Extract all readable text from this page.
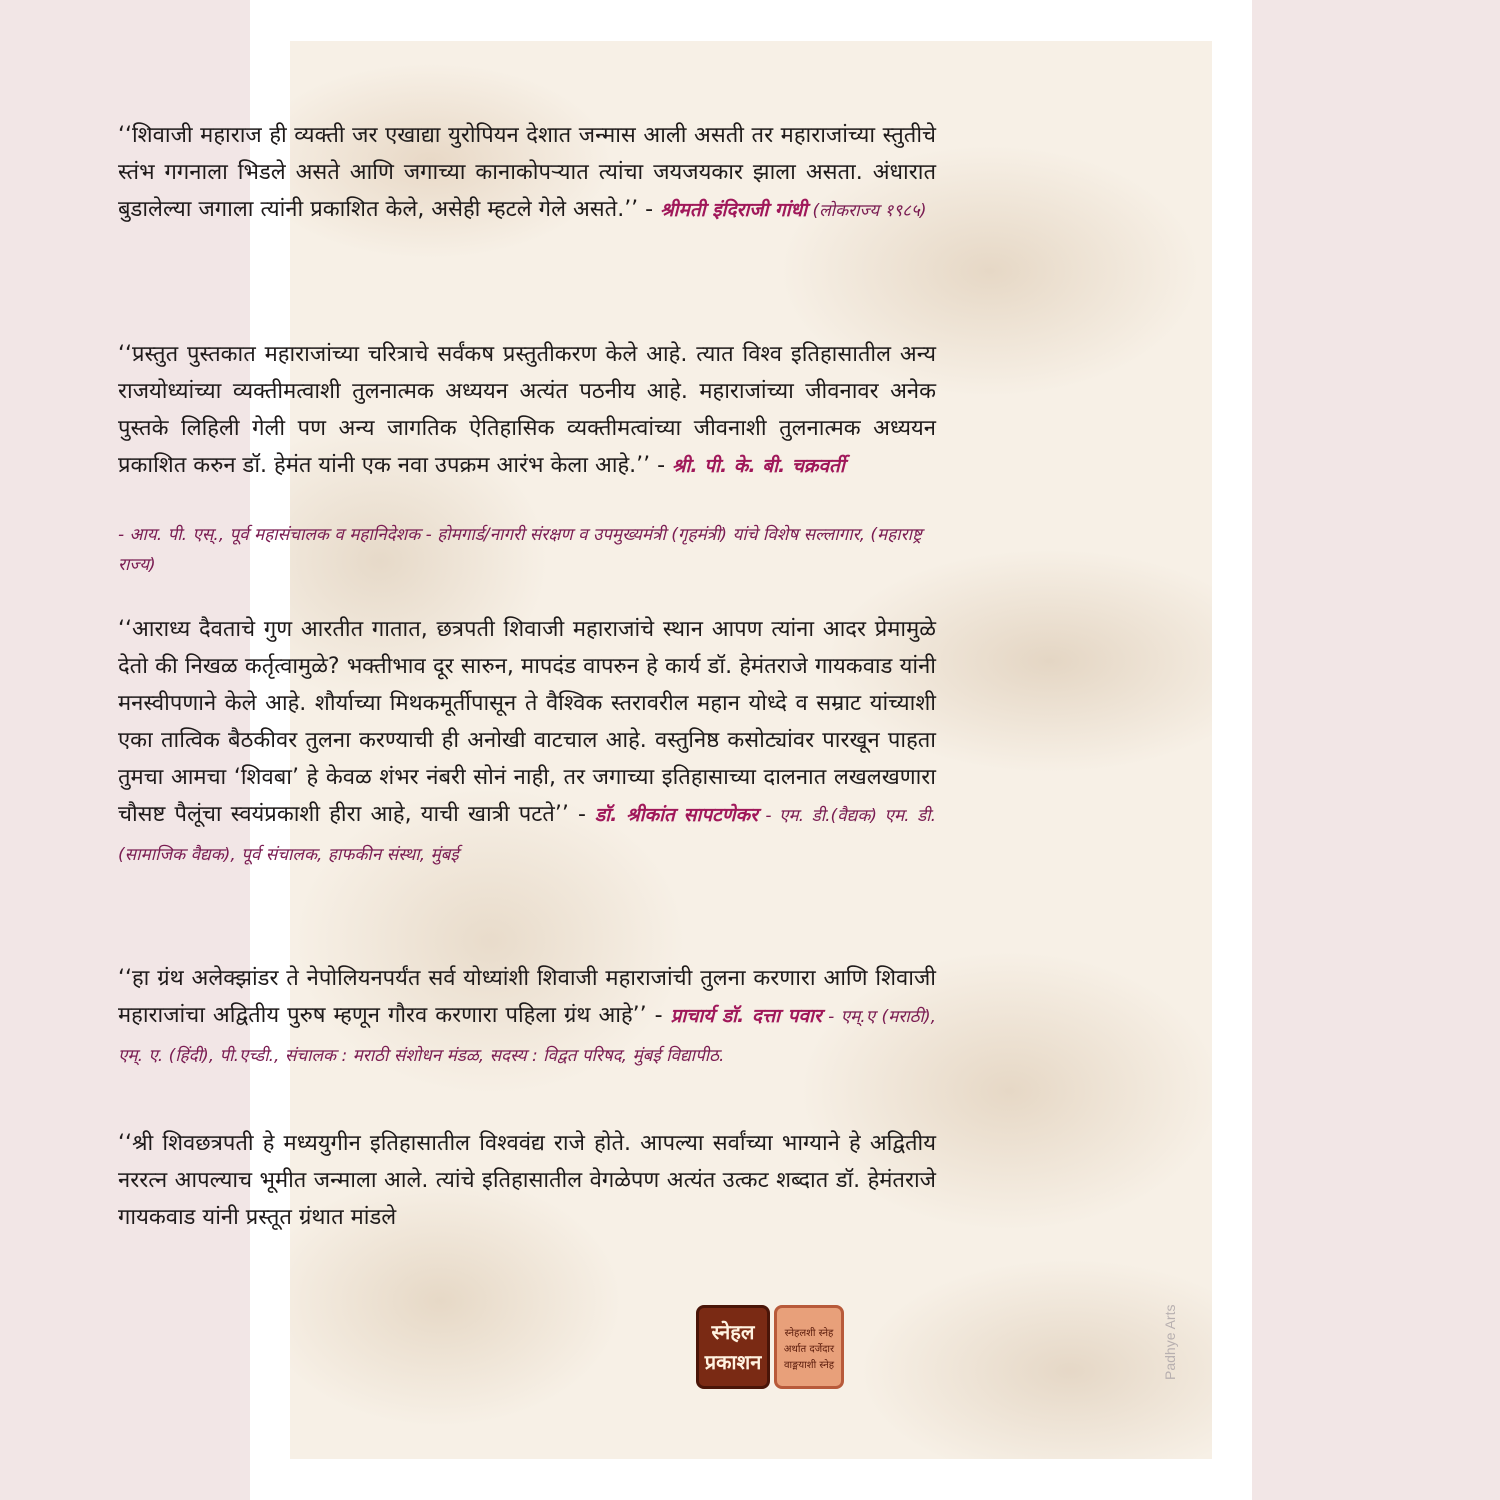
‘‘शिवाजी महाराज ही व्यक्ती जर एखाद्या युरोपियन देशात जन्मास आली असती तर महाराजांच्या स्तुतीचे स्तंभ गगनाला भिडले असते आणि जगाच्या कानाकोपऱ्यात त्यांचा जयजयकार झाला असता. अंधारात बुडालेल्या जगाला त्यांनी प्रकाशित केले, असेही म्हटले गेले असते.’’ - श्रीमती इंदिराजी गांधी (लोकराज्य १९८५)
‘‘प्रस्तुत पुस्तकात महाराजांच्या चरित्राचे सर्वंकष प्रस्तुतीकरण केले आहे. त्यात विश्व इतिहासातील अन्य राजयोध्यांच्या व्यक्तीमत्वाशी तुलनात्मक अध्ययन अत्यंत पठनीय आहे. महाराजांच्या जीवनावर अनेक पुस्तके लिहिली गेली पण अन्य जागतिक ऐतिहासिक व्यक्तीमत्वांच्या जीवनाशी तुलनात्मक अध्ययन प्रकाशित करुन डॉ. हेमंत यांनी एक नवा उपक्रम आरंभ केला आहे.’’ - श्री. पी. के. बी. चक्रवर्ती
- आय. पी. एस्., पूर्व महासंचालक व महानिदेशक - होमगार्ड/नागरी संरक्षण व उपमुख्यमंत्री (गृहमंत्री) यांचे विशेष सल्लागार, (महाराष्ट्र राज्य)
‘‘आराध्य दैवताचे गुण आरतीत गातात, छत्रपती शिवाजी महाराजांचे स्थान आपण त्यांना आदर प्रेमामुळे देतो की निखळ कर्तृत्वामुळे? भक्तीभाव दूर सारुन, मापदंड वापरुन हे कार्य डॉ. हेमंतराजे गायकवाड यांनी मनस्वीपणाने केले आहे. शौर्याच्या मिथकमूर्तीपासून ते वैश्विक स्तरावरील महान योध्दे व सम्राट यांच्याशी एका तात्विक बैठकीवर तुलना करण्याची ही अनोखी वाटचाल आहे. वस्तुनिष्ठ कसोट्यांवर पारखून पाहता तुमचा आमचा ‘शिवबा’ हे केवळ शंभर नंबरी सोनं नाही, तर जगाच्या इतिहासाच्या दालनात लखलखणारा चौसष्ट पैलूंचा स्वयंप्रकाशी हीरा आहे, याची खात्री पटते’’ - डॉ. श्रीकांत सापटणेकर - एम. डी.(वैद्यक) एम. डी. (सामाजिक वैद्यक), पूर्व संचालक, हाफकीन संस्था, मुंबई
‘‘हा ग्रंथ अलेक्झांडर ते नेपोलियनपर्यंत सर्व योध्यांशी शिवाजी महाराजांची तुलना करणारा आणि शिवाजी महाराजांचा अद्वितीय पुरुष म्हणून गौरव करणारा पहिला ग्रंथ आहे’’ - प्राचार्य डॉ. दत्ता पवार - एम्.ए (मराठी), एम्. ए. (हिंदी), पी.एच्डी., संचालक : मराठी संशोधन मंडळ, सदस्य : विद्वत परिषद, मुंबई विद्यापीठ.
‘‘श्री शिवछत्रपती हे मध्ययुगीन इतिहासातील विश्ववंद्य राजे होते. आपल्या सर्वांच्या भाग्याने हे अद्वितीय नररत्न आपल्याच भूमीत जन्माला आले. त्यांचे इतिहासातील वेगळेपण अत्यंत उत्कट शब्दात डॉ. हेमंतराजे गायकवाड यांनी प्रस्तूत ग्रंथात मांडले
स्नेहल प्रकाशन
स्नेहलशी स्नेह अर्थात दर्जेदार वाङ्मयाशी स्नेह	Padhye Arts
